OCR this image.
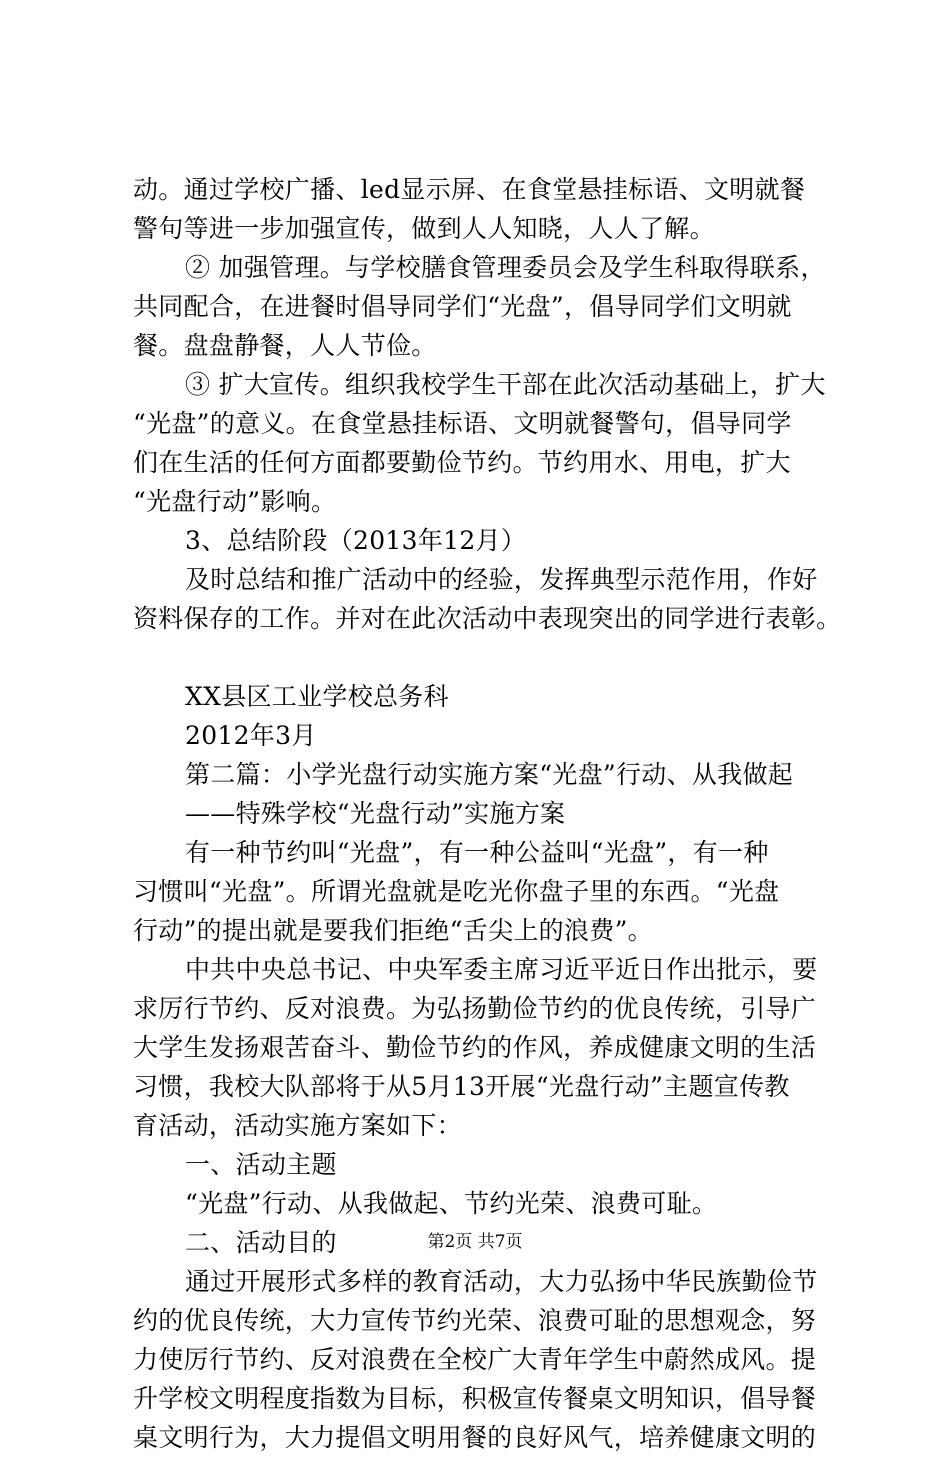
动。通过学校广播、led显示屏、在食堂悬挂标语、文明就餐
警句等进一步加强宣传，做到人人知晓，人人了解。
② 加强管理。与学校膳食管理委员会及学生科取得联系，
共同配合，在进餐时倡导同学们“光盘”，倡导同学们文明就
餐。盘盘静餐，人人节俭。
③ 扩大宣传。组织我校学生干部在此次活动基础上，扩大
“光盘”的意义。在食堂悬挂标语、文明就餐警句，倡导同学
们在生活的任何方面都要勤俭节约。节约用水、用电，扩大
“光盘行动”影响。
3、总结阶段（2013年12月）
及时总结和推广活动中的经验，发挥典型示范作用，作好
资料保存的工作。并对在此次活动中表现突出的同学进行表彰。
XX县区工业学校总务科
2012年3月
第二篇：小学光盘行动实施方案“光盘”行动、从我做起
——特殊学校“光盘行动”实施方案
有一种节约叫“光盘”，有一种公益叫“光盘”，有一种
习惯叫“光盘”。所谓光盘就是吃光你盘子里的东西。“光盘
行动”的提出就是要我们拒绝“舌尖上的浪费”。
中共中央总书记、中央军委主席习近平近日作出批示，要
求厉行节约、反对浪费。为弘扬勤俭节约的优良传统，引导广
大学生发扬艰苦奋斗、勤俭节约的作风，养成健康文明的生活
习惯，我校大队部将于从5月13开展“光盘行动”主题宣传教
育活动，活动实施方案如下：
一、活动主题
“光盘”行动、从我做起、节约光荣、浪费可耻。
二、活动目的
通过开展形式多样的教育活动，大力弘扬中华民族勤俭节
约的优良传统，大力宣传节约光荣、浪费可耻的思想观念，努
力使厉行节约、反对浪费在全校广大青年学生中蔚然成风。提
升学校文明程度指数为目标，积极宣传餐桌文明知识，倡导餐
桌文明行为，大力提倡文明用餐的良好风气，培养健康文明的
第2页 共7页
